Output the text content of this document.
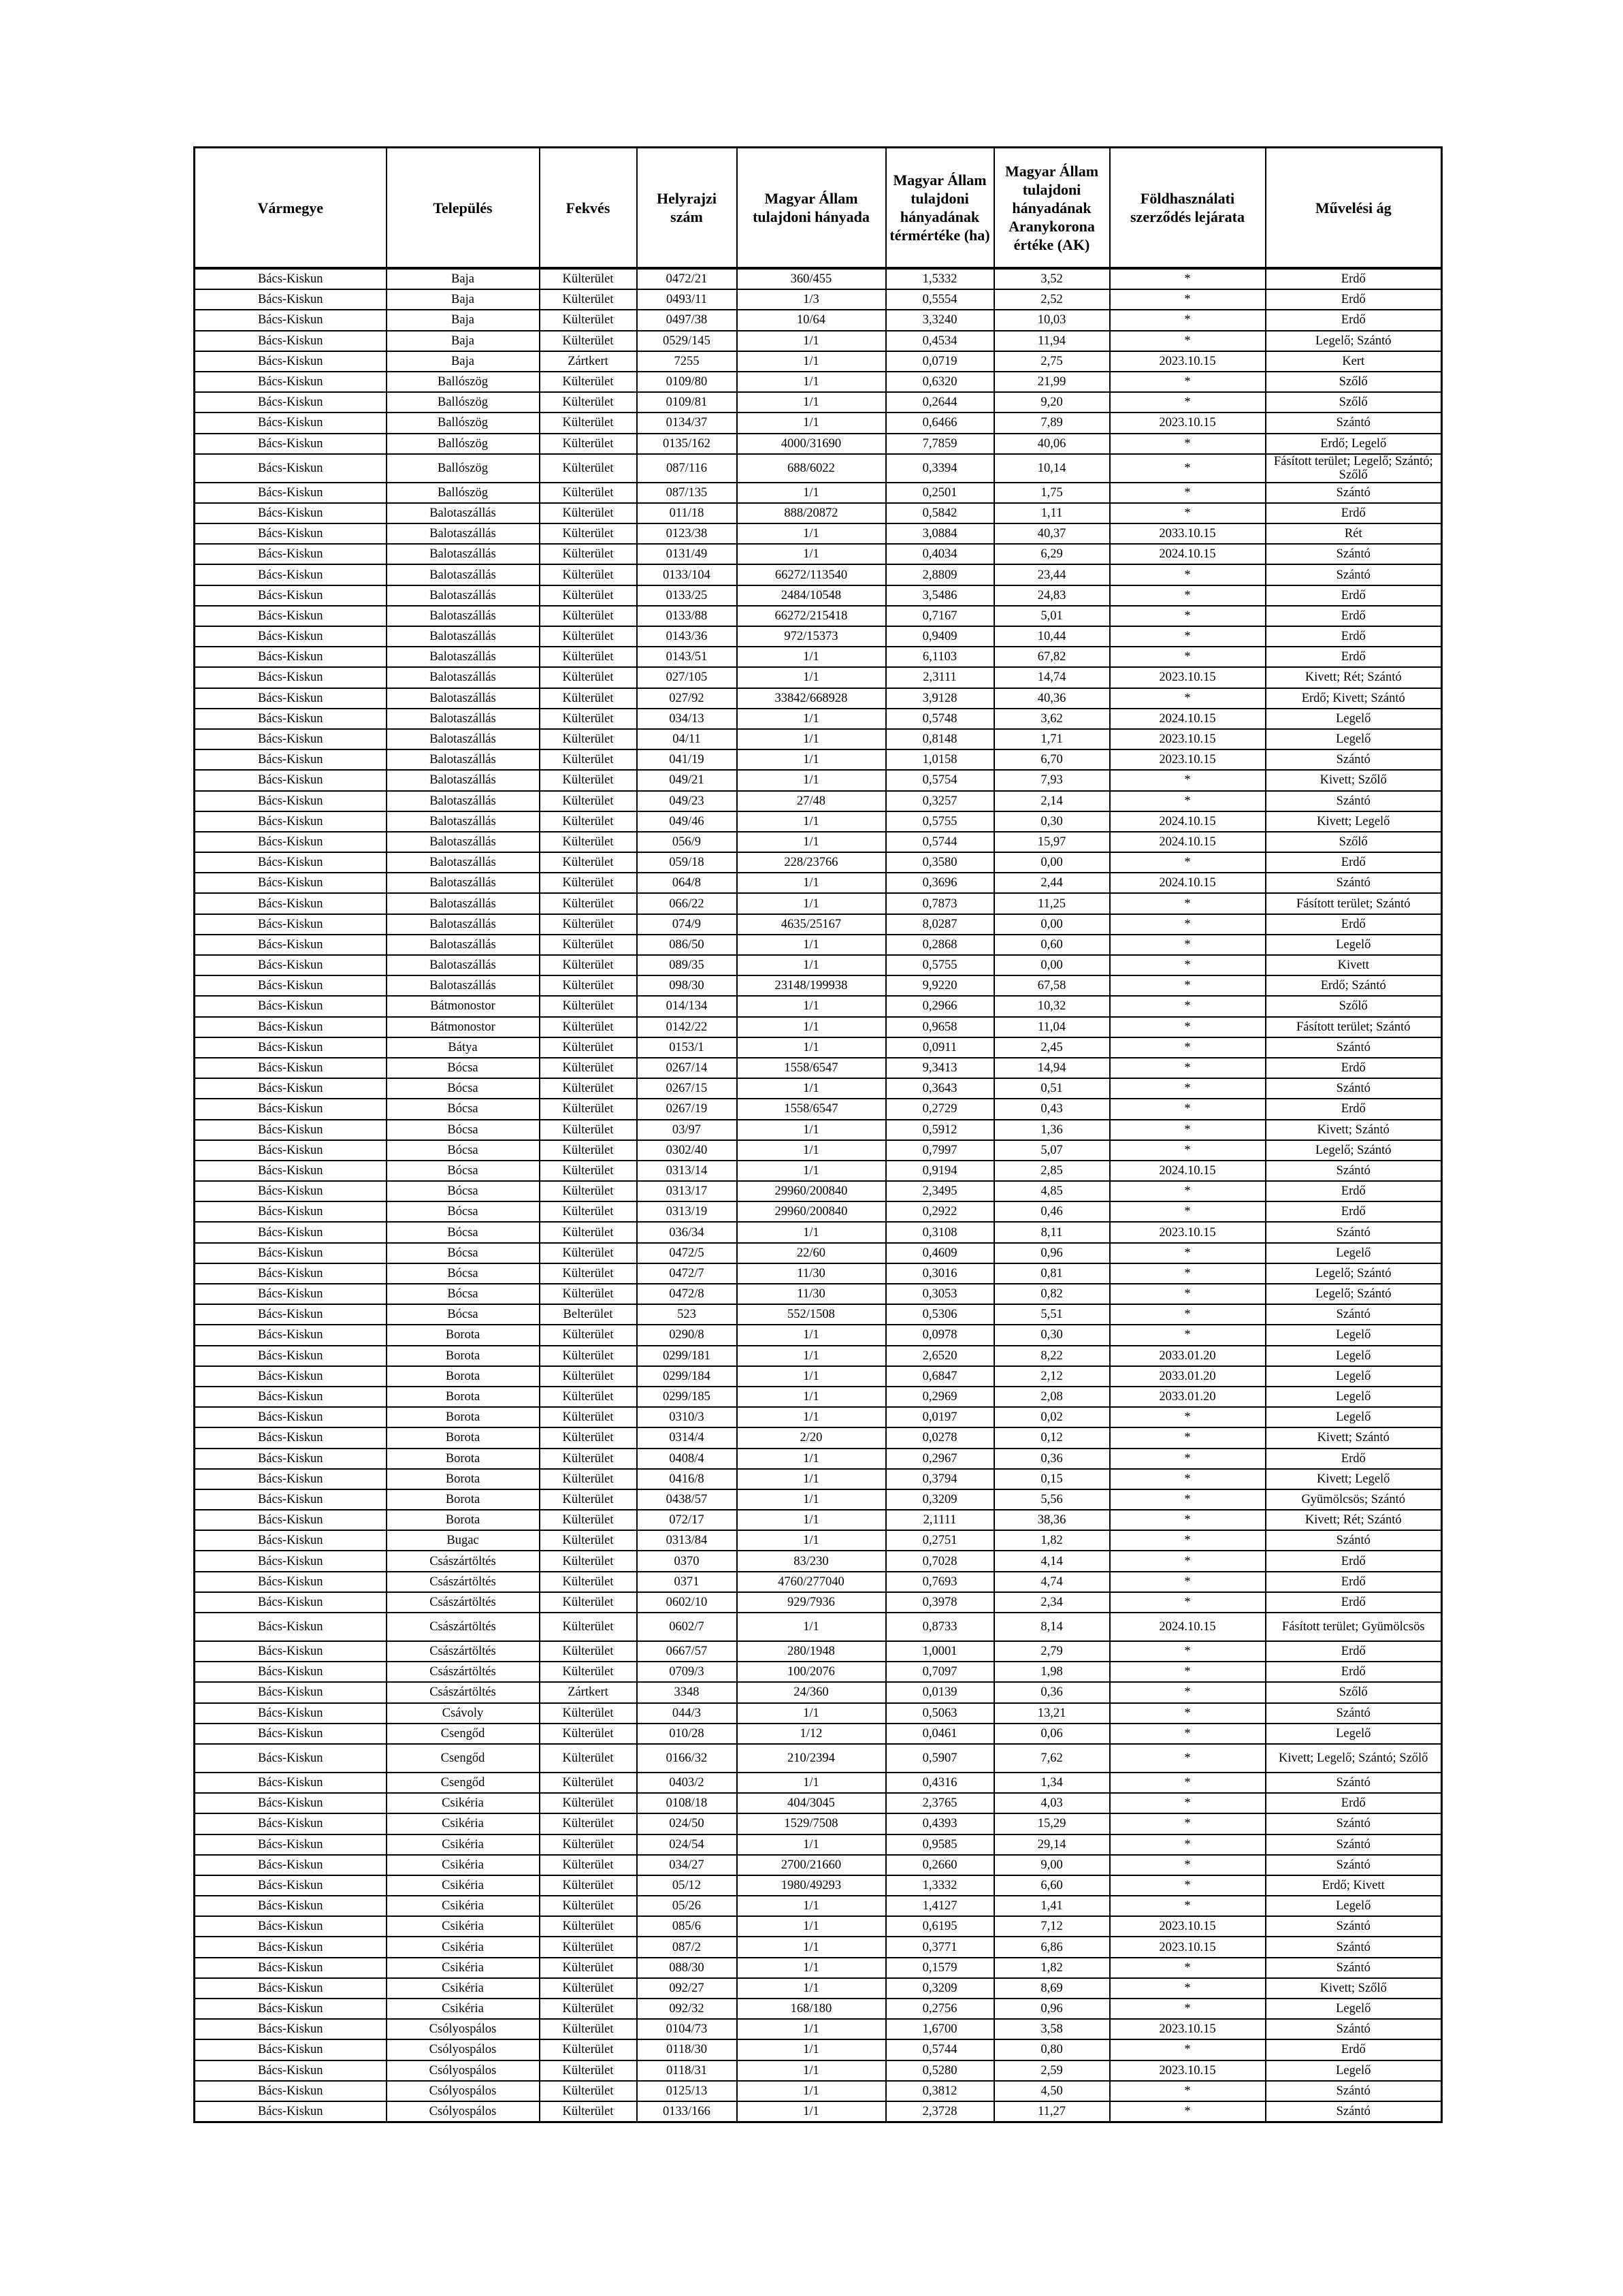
Vármegye	Település	Fekvés	Helyrajzi szám	Magyar Állam tulajdoni hányada	Magyar Állam tulajdoni hányadának térmértéke (ha)	Magyar Állam tulajdoni hányadának Aranykorona értéke (AK)	Földhasználati szerződés lejárata	Művelési ág
Bács-Kiskun	Baja	Külterület	0472/21	360/455	1,5332	3,52	*	Erdő
Bács-Kiskun	Baja	Külterület	0493/11	1/3	0,5554	2,52	*	Erdő
Bács-Kiskun	Baja	Külterület	0497/38	10/64	3,3240	10,03	*	Erdő
Bács-Kiskun	Baja	Külterület	0529/145	1/1	0,4534	11,94	*	Legelő; Szántó
Bács-Kiskun	Baja	Zártkert	7255	1/1	0,0719	2,75	2023.10.15	Kert
Bács-Kiskun	Ballószög	Külterület	0109/80	1/1	0,6320	21,99	*	Szőlő
Bács-Kiskun	Ballószög	Külterület	0109/81	1/1	0,2644	9,20	*	Szőlő
Bács-Kiskun	Ballószög	Külterület	0134/37	1/1	0,6466	7,89	2023.10.15	Szántó
Bács-Kiskun	Ballószög	Külterület	0135/162	4000/31690	7,7859	40,06	*	Erdő; Legelő
Bács-Kiskun	Ballószög	Külterület	087/116	688/6022	0,3394	10,14	*	Fásított terület; Legelő; Szántó; Szőlő
Bács-Kiskun	Ballószög	Külterület	087/135	1/1	0,2501	1,75	*	Szántó
Bács-Kiskun	Balotaszállás	Külterület	011/18	888/20872	0,5842	1,11	*	Erdő
Bács-Kiskun	Balotaszállás	Külterület	0123/38	1/1	3,0884	40,37	2033.10.15	Rét
Bács-Kiskun	Balotaszállás	Külterület	0131/49	1/1	0,4034	6,29	2024.10.15	Szántó
Bács-Kiskun	Balotaszállás	Külterület	0133/104	66272/113540	2,8809	23,44	*	Szántó
Bács-Kiskun	Balotaszállás	Külterület	0133/25	2484/10548	3,5486	24,83	*	Erdő
Bács-Kiskun	Balotaszállás	Külterület	0133/88	66272/215418	0,7167	5,01	*	Erdő
Bács-Kiskun	Balotaszállás	Külterület	0143/36	972/15373	0,9409	10,44	*	Erdő
Bács-Kiskun	Balotaszállás	Külterület	0143/51	1/1	6,1103	67,82	*	Erdő
Bács-Kiskun	Balotaszállás	Külterület	027/105	1/1	2,3111	14,74	2023.10.15	Kivett; Rét; Szántó
Bács-Kiskun	Balotaszállás	Külterület	027/92	33842/668928	3,9128	40,36	*	Erdő; Kivett; Szántó
Bács-Kiskun	Balotaszállás	Külterület	034/13	1/1	0,5748	3,62	2024.10.15	Legelő
Bács-Kiskun	Balotaszállás	Külterület	04/11	1/1	0,8148	1,71	2023.10.15	Legelő
Bács-Kiskun	Balotaszállás	Külterület	041/19	1/1	1,0158	6,70	2023.10.15	Szántó
Bács-Kiskun	Balotaszállás	Külterület	049/21	1/1	0,5754	7,93	*	Kivett; Szőlő
Bács-Kiskun	Balotaszállás	Külterület	049/23	27/48	0,3257	2,14	*	Szántó
Bács-Kiskun	Balotaszállás	Külterület	049/46	1/1	0,5755	0,30	2024.10.15	Kivett; Legelő
Bács-Kiskun	Balotaszállás	Külterület	056/9	1/1	0,5744	15,97	2024.10.15	Szőlő
Bács-Kiskun	Balotaszállás	Külterület	059/18	228/23766	0,3580	0,00	*	Erdő
Bács-Kiskun	Balotaszállás	Külterület	064/8	1/1	0,3696	2,44	2024.10.15	Szántó
Bács-Kiskun	Balotaszállás	Külterület	066/22	1/1	0,7873	11,25	*	Fásított terület; Szántó
Bács-Kiskun	Balotaszállás	Külterület	074/9	4635/25167	8,0287	0,00	*	Erdő
Bács-Kiskun	Balotaszállás	Külterület	086/50	1/1	0,2868	0,60	*	Legelő
Bács-Kiskun	Balotaszállás	Külterület	089/35	1/1	0,5755	0,00	*	Kivett
Bács-Kiskun	Balotaszállás	Külterület	098/30	23148/199938	9,9220	67,58	*	Erdő; Szántó
Bács-Kiskun	Bátmonostor	Külterület	014/134	1/1	0,2966	10,32	*	Szőlő
Bács-Kiskun	Bátmonostor	Külterület	0142/22	1/1	0,9658	11,04	*	Fásított terület; Szántó
Bács-Kiskun	Bátya	Külterület	0153/1	1/1	0,0911	2,45	*	Szántó
Bács-Kiskun	Bócsa	Külterület	0267/14	1558/6547	9,3413	14,94	*	Erdő
Bács-Kiskun	Bócsa	Külterület	0267/15	1/1	0,3643	0,51	*	Szántó
Bács-Kiskun	Bócsa	Külterület	0267/19	1558/6547	0,2729	0,43	*	Erdő
Bács-Kiskun	Bócsa	Külterület	03/97	1/1	0,5912	1,36	*	Kivett; Szántó
Bács-Kiskun	Bócsa	Külterület	0302/40	1/1	0,7997	5,07	*	Legelő; Szántó
Bács-Kiskun	Bócsa	Külterület	0313/14	1/1	0,9194	2,85	2024.10.15	Szántó
Bács-Kiskun	Bócsa	Külterület	0313/17	29960/200840	2,3495	4,85	*	Erdő
Bács-Kiskun	Bócsa	Külterület	0313/19	29960/200840	0,2922	0,46	*	Erdő
Bács-Kiskun	Bócsa	Külterület	036/34	1/1	0,3108	8,11	2023.10.15	Szántó
Bács-Kiskun	Bócsa	Külterület	0472/5	22/60	0,4609	0,96	*	Legelő
Bács-Kiskun	Bócsa	Külterület	0472/7	11/30	0,3016	0,81	*	Legelő; Szántó
Bács-Kiskun	Bócsa	Külterület	0472/8	11/30	0,3053	0,82	*	Legelő; Szántó
Bács-Kiskun	Bócsa	Belterület	523	552/1508	0,5306	5,51	*	Szántó
Bács-Kiskun	Borota	Külterület	0290/8	1/1	0,0978	0,30	*	Legelő
Bács-Kiskun	Borota	Külterület	0299/181	1/1	2,6520	8,22	2033.01.20	Legelő
Bács-Kiskun	Borota	Külterület	0299/184	1/1	0,6847	2,12	2033.01.20	Legelő
Bács-Kiskun	Borota	Külterület	0299/185	1/1	0,2969	2,08	2033.01.20	Legelő
Bács-Kiskun	Borota	Külterület	0310/3	1/1	0,0197	0,02	*	Legelő
Bács-Kiskun	Borota	Külterület	0314/4	2/20	0,0278	0,12	*	Kivett; Szántó
Bács-Kiskun	Borota	Külterület	0408/4	1/1	0,2967	0,36	*	Erdő
Bács-Kiskun	Borota	Külterület	0416/8	1/1	0,3794	0,15	*	Kivett; Legelő
Bács-Kiskun	Borota	Külterület	0438/57	1/1	0,3209	5,56	*	Gyümölcsös; Szántó
Bács-Kiskun	Borota	Külterület	072/17	1/1	2,1111	38,36	*	Kivett; Rét; Szántó
Bács-Kiskun	Bugac	Külterület	0313/84	1/1	0,2751	1,82	*	Szántó
Bács-Kiskun	Császártöltés	Külterület	0370	83/230	0,7028	4,14	*	Erdő
Bács-Kiskun	Császártöltés	Külterület	0371	4760/277040	0,7693	4,74	*	Erdő
Bács-Kiskun	Császártöltés	Külterület	0602/10	929/7936	0,3978	2,34	*	Erdő
Bács-Kiskun	Császártöltés	Külterület	0602/7	1/1	0,8733	8,14	2024.10.15	Fásított terület; Gyümölcsös
Bács-Kiskun	Császártöltés	Külterület	0667/57	280/1948	1,0001	2,79	*	Erdő
Bács-Kiskun	Császártöltés	Külterület	0709/3	100/2076	0,7097	1,98	*	Erdő
Bács-Kiskun	Császártöltés	Zártkert	3348	24/360	0,0139	0,36	*	Szőlő
Bács-Kiskun	Csávoly	Külterület	044/3	1/1	0,5063	13,21	*	Szántó
Bács-Kiskun	Csengőd	Külterület	010/28	1/12	0,0461	0,06	*	Legelő
Bács-Kiskun	Csengőd	Külterület	0166/32	210/2394	0,5907	7,62	*	Kivett; Legelő; Szántó; Szőlő
Bács-Kiskun	Csengőd	Külterület	0403/2	1/1	0,4316	1,34	*	Szántó
Bács-Kiskun	Csikéria	Külterület	0108/18	404/3045	2,3765	4,03	*	Erdő
Bács-Kiskun	Csikéria	Külterület	024/50	1529/7508	0,4393	15,29	*	Szántó
Bács-Kiskun	Csikéria	Külterület	024/54	1/1	0,9585	29,14	*	Szántó
Bács-Kiskun	Csikéria	Külterület	034/27	2700/21660	0,2660	9,00	*	Szántó
Bács-Kiskun	Csikéria	Külterület	05/12	1980/49293	1,3332	6,60	*	Erdő; Kivett
Bács-Kiskun	Csikéria	Külterület	05/26	1/1	1,4127	1,41	*	Legelő
Bács-Kiskun	Csikéria	Külterület	085/6	1/1	0,6195	7,12	2023.10.15	Szántó
Bács-Kiskun	Csikéria	Külterület	087/2	1/1	0,3771	6,86	2023.10.15	Szántó
Bács-Kiskun	Csikéria	Külterület	088/30	1/1	0,1579	1,82	*	Szántó
Bács-Kiskun	Csikéria	Külterület	092/27	1/1	0,3209	8,69	*	Kivett; Szőlő
Bács-Kiskun	Csikéria	Külterület	092/32	168/180	0,2756	0,96	*	Legelő
Bács-Kiskun	Csólyospálos	Külterület	0104/73	1/1	1,6700	3,58	2023.10.15	Szántó
Bács-Kiskun	Csólyospálos	Külterület	0118/30	1/1	0,5744	0,80	*	Erdő
Bács-Kiskun	Csólyospálos	Külterület	0118/31	1/1	0,5280	2,59	2023.10.15	Legelő
Bács-Kiskun	Csólyospálos	Külterület	0125/13	1/1	0,3812	4,50	*	Szántó
Bács-Kiskun	Csólyospálos	Külterület	0133/166	1/1	2,3728	11,27	*	Szántó
